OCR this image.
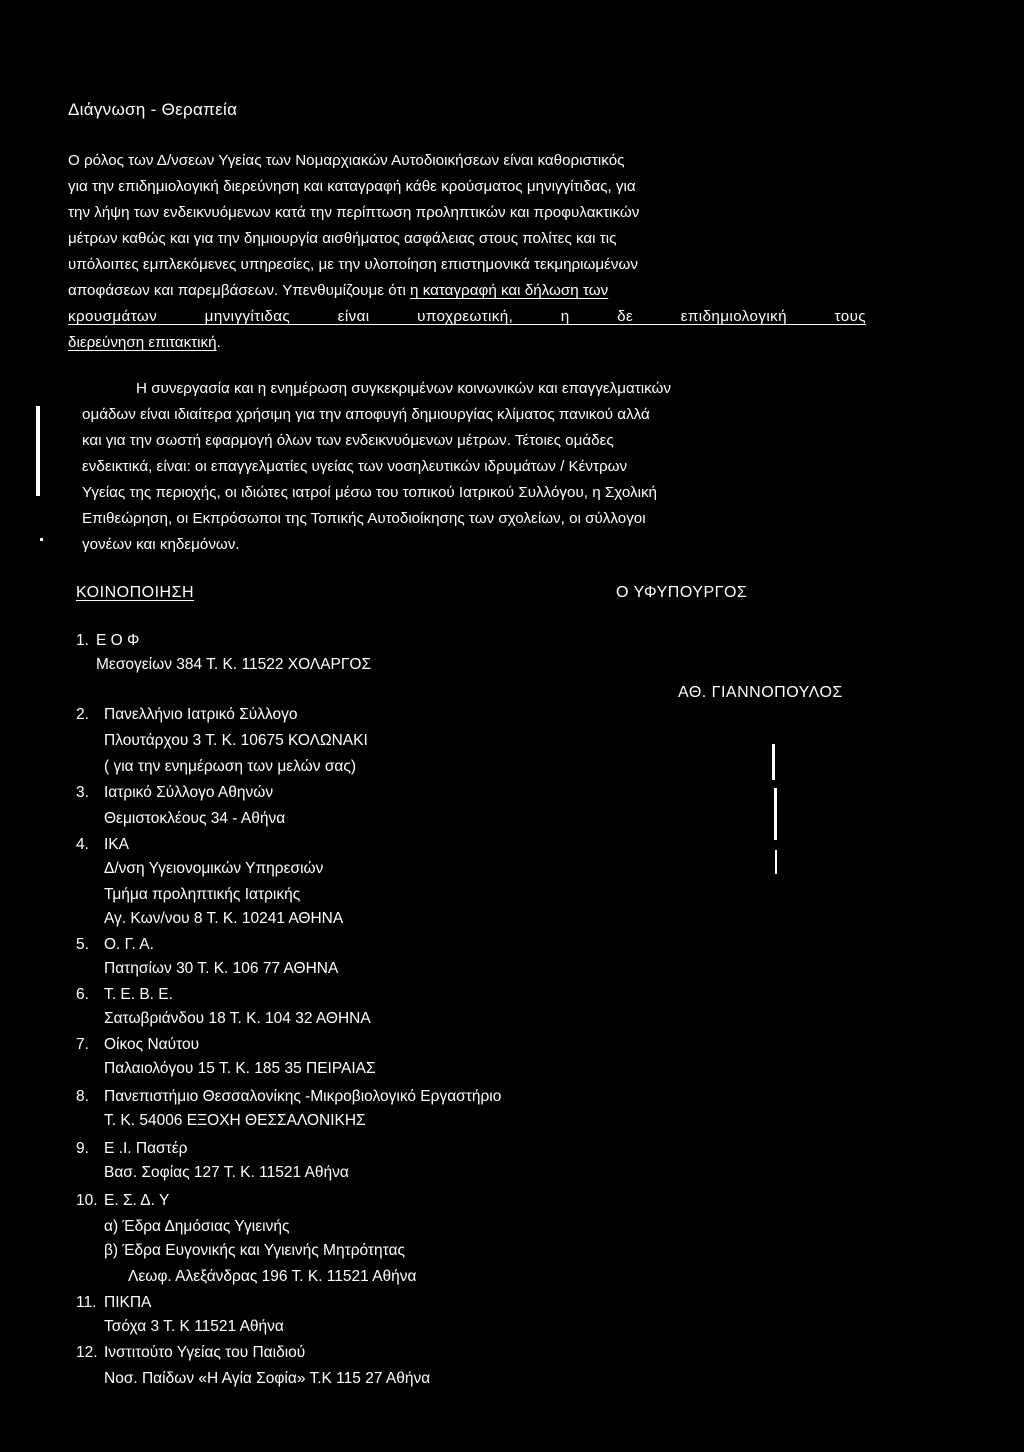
Διάγνωση - Θεραπεία
Ο ρόλος των Δ/νσεων Υγείας των Νομαρχιακών Αυτοδιοικήσεων είναι καθοριστικός
για την επιδημιολογική διερεύνηση και καταγραφή κάθε κρούσματος μηνιγγίτιδας, για
την λήψη των ενδεικνυόμενων κατά την περίπτωση προληπτικών και προφυλακτικών
μέτρων καθώς και για την δημιουργία αισθήματος ασφάλειας στους πολίτες και τις
υπόλοιπες εμπλεκόμενες υπηρεσίες, με την υλοποίηση επιστημονικά τεκμηριωμένων
αποφάσεων και παρεμβάσεων. Υπενθυμίζουμε ότι η καταγραφή και δήλωση των
κρουσμάτων μηνιγγίτιδας είναι υποχρεωτική, η δε επιδημιολογική τους
διερεύνηση επιτακτική.
Η συνεργασία και η ενημέρωση συγκεκριμένων κοινωνικών και επαγγελματικών
ομάδων είναι ιδιαίτερα χρήσιμη για την αποφυγή δημιουργίας κλίματος πανικού αλλά
και για την σωστή εφαρμογή όλων των ενδεικνυόμενων μέτρων. Τέτοιες ομάδες
ενδεικτικά, είναι: οι επαγγελματίες υγείας των νοσηλευτικών ιδρυμάτων / Κέντρων
Υγείας της περιοχής, οι ιδιώτες ιατροί μέσω του τοπικού Ιατρικού Συλλόγου, η Σχολική
Επιθεώρηση, οι Εκπρόσωποι της Τοπικής Αυτοδιοίκησης των σχολείων, οι σύλλογοι
γονέων και κηδεμόνων.
ΚΟΙΝΟΠΟΙΗΣΗ	Ο ΥΦΥΠΟΥΡΓΟΣ
ΑΘ. ΓΙΑΝΝΟΠΟΥΛΟΣ
1. Ε Ο Φ
Μεσογείων 384 Τ. Κ. 11522 ΧΟΛΑΡΓΟΣ
2. Πανελλήνιο Ιατρικό Σύλλογο
Πλουτάρχου 3 Τ. Κ. 10675 ΚΟΛΩΝΑΚΙ
( για την ενημέρωση των μελών σας)
3. Ιατρικό Σύλλογο Αθηνών
Θεμιστοκλέους 34 - Αθήνα
4. ΙΚΑ
Δ/νση Υγειονομικών Υπηρεσιών
Τμήμα προληπτικής Ιατρικής
Αγ. Κων/νου 8 Τ. Κ. 10241 ΑΘΗΝΑ
5. Ο. Γ. Α.
Πατησίων 30 Τ. Κ. 106 77 ΑΘΗΝΑ
6. Τ. Ε. Β. Ε.
Σατωβριάνδου 18 Τ. Κ. 104 32 ΑΘΗΝΑ
7. Οίκος Ναύτου
Παλαιολόγου 15 Τ. Κ. 185 35 ΠΕΙΡΑΙΑΣ
8. Πανεπιστήμιο Θεσσαλονίκης -Μικροβιολογικό Εργαστήριο
Τ. Κ. 54006 ΕΞΟΧΗ ΘΕΣΣΑΛΟΝΙΚΗΣ
9. Ε .Ι. Παστέρ
Βασ. Σοφίας 127 Τ. Κ. 11521 Αθήνα
10. Ε. Σ. Δ. Υ
α) Έδρα Δημόσιας Υγιεινής
β) Έδρα Ευγονικής και Υγιεινής Μητρότητας
Λεωφ. Αλεξάνδρας 196 Τ. Κ. 11521 Αθήνα
11. ΠΙΚΠΑ
Τσόχα 3 Τ. Κ 11521 Αθήνα
12. Ινστιτούτο Υγείας του Παιδιού
Νοσ. Παίδων «Η Αγία Σοφία» Τ.Κ 115 27 Αθήνα
